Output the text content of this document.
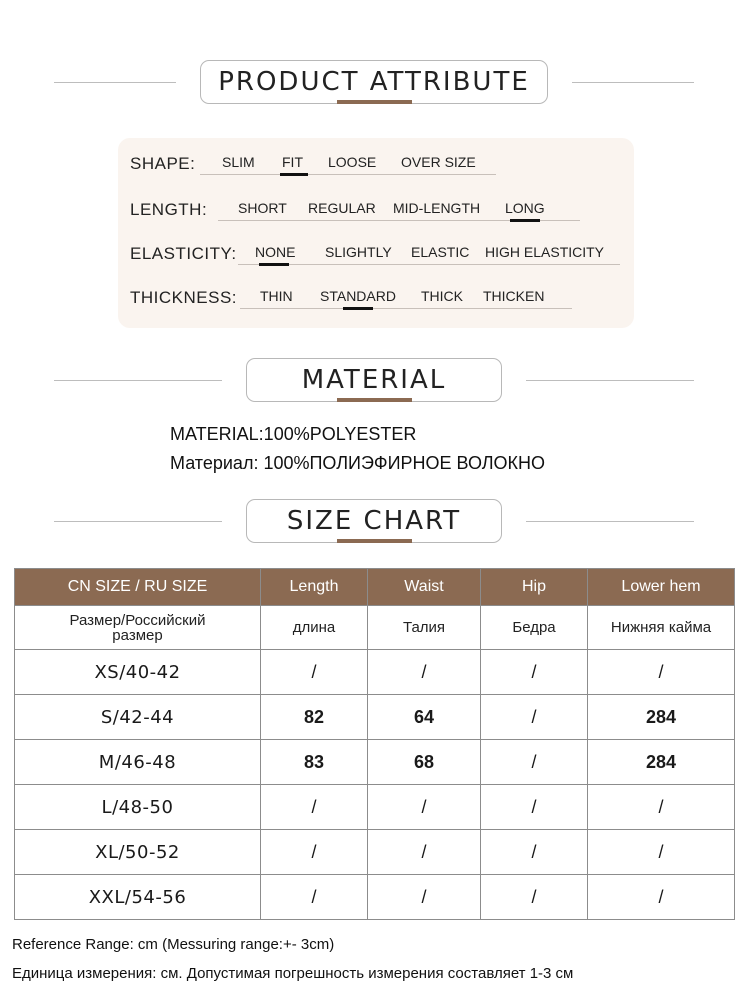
PRODUCT ATTRIBUTE
SHAPE: SLIM FIT LOOSE OVER SIZE
LENGTH: SHORT REGULAR MID-LENGTH LONG
ELASTICITY: NONE SLIGHTLY ELASTIC HIGH ELASTICITY
THICKNESS: THIN STANDARD THICK THICKEN
MATERIAL
MATERIAL:100%POLYESTER
Материал: 100%ПОЛИЭФИРНОЕ ВОЛОКНО
SIZE CHART
CN SIZE / RU SIZE	Length	Waist	Hip	Lower hem

Размер/Российский размер	длина	Талия	Бедра	Нижняя кайма
XS/40-42	/	/	/	/
S/42-44	82	64	/	284
M/46-48	83	68	/	284
L/48-50	/	/	/	/
XL/50-52	/	/	/	/
XXL/54-56	/	/	/	/
Reference Range: cm (Messuring range:+- 3cm)
Единица измерения: см. Допустимая погрешность измерения составляет 1-3 см
